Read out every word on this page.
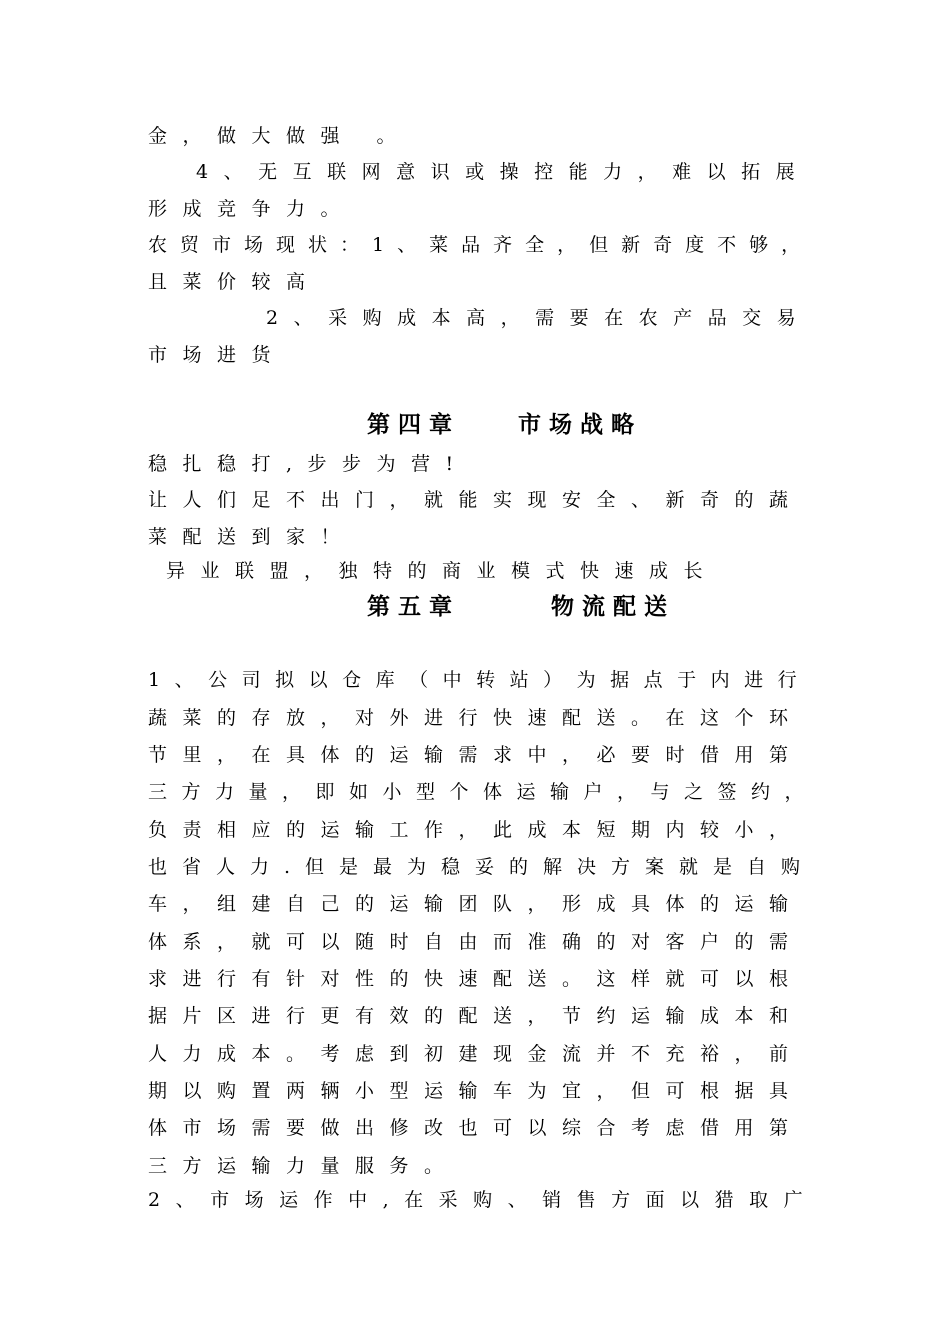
金，做大做强 。
4、无互联网意识或操控能力，难以拓展
形成竞争力。
农贸市场现状：1、菜品齐全，但新奇度不够，
且菜价较高
2、采购成本高，需要在农产品交易
市场进货
第四章	市场战略
稳扎稳打,步步为营!
让人们足不出门，就能实现安全、新奇的蔬
菜配送到家！
异业联盟，独特的商业模式快速成长
第五章	物流配送
1、公司拟以仓库（中转站）为据点于内进行
蔬菜的存放，对外进行快速配送。在这个环
节里，在具体的运输需求中，必要时借用第
三方力量，即如小型个体运输户，与之签约，
负责相应的运输工作，此成本短期内较小，
也省人力.但是最为稳妥的解决方案就是自购
车，组建自己的运输团队，形成具体的运输
体系，就可以随时自由而准确的对客户的需
求进行有针对性的快速配送。这样就可以根
据片区进行更有效的配送，节约运输成本和
人力成本。考虑到初建现金流并不充裕，前
期以购置两辆小型运输车为宜，但可根据具
体市场需要做出修改也可以综合考虑借用第
三方运输力量服务。
2、市场运作中,在采购、销售方面以猎取广
